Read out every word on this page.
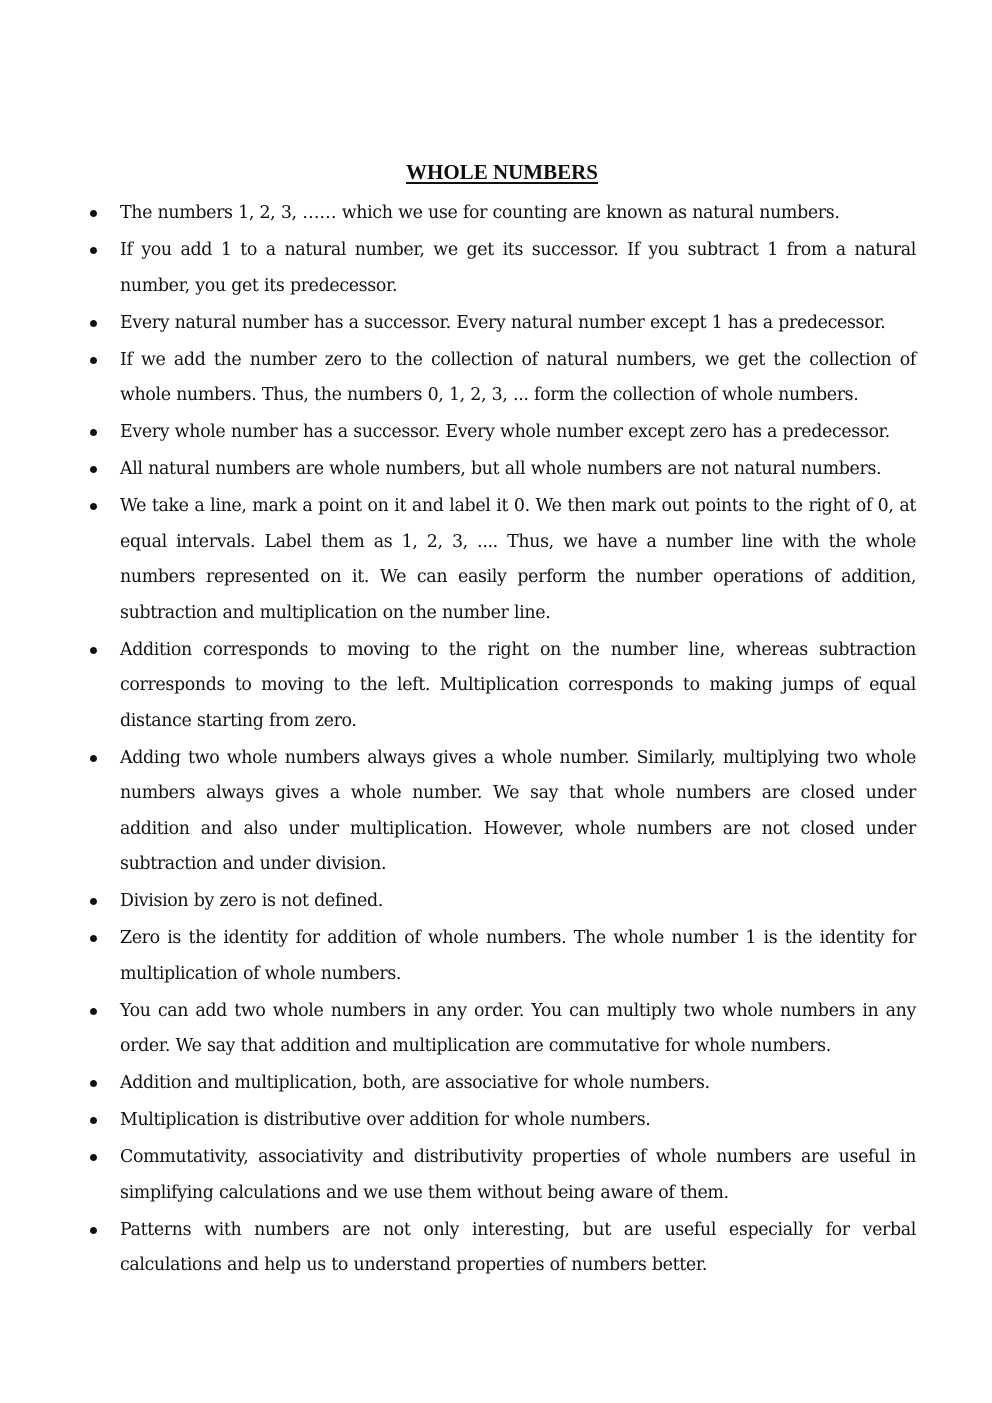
WHOLE NUMBERS
The numbers 1, 2, 3, …… which we use for counting are known as natural numbers.
If you add 1 to a natural number, we get its successor. If you subtract 1 from a natural number, you get its predecessor.
Every natural number has a successor. Every natural number except 1 has a predecessor.
If we add the number zero to the collection of natural numbers, we get the collection of whole numbers. Thus, the numbers 0, 1, 2, 3, ... form the collection of whole numbers.
Every whole number has a successor. Every whole number except zero has a predecessor.
All natural numbers are whole numbers, but all whole numbers are not natural numbers.
We take a line, mark a point on it and label it 0. We then mark out points to the right of 0, at equal intervals. Label them as 1, 2, 3, .... Thus, we have a number line with the whole numbers represented on it. We can easily perform the number operations of addition, subtraction and multiplication on the number line.
Addition corresponds to moving to the right on the number line, whereas subtraction corresponds to moving to the left. Multiplication corresponds to making jumps of equal distance starting from zero.
Adding two whole numbers always gives a whole number. Similarly, multiplying two whole numbers always gives a whole number. We say that whole numbers are closed under addition and also under multiplication. However, whole numbers are not closed under subtraction and under division.
Division by zero is not defined.
Zero is the identity for addition of whole numbers. The whole number 1 is the identity for multiplication of whole numbers.
You can add two whole numbers in any order. You can multiply two whole numbers in any order. We say that addition and multiplication are commutative for whole numbers.
Addition and multiplication, both, are associative for whole numbers.
Multiplication is distributive over addition for whole numbers.
Commutativity, associativity and distributivity properties of whole numbers are useful in simplifying calculations and we use them without being aware of them.
Patterns with numbers are not only interesting, but are useful especially for verbal calculations and help us to understand properties of numbers better.
